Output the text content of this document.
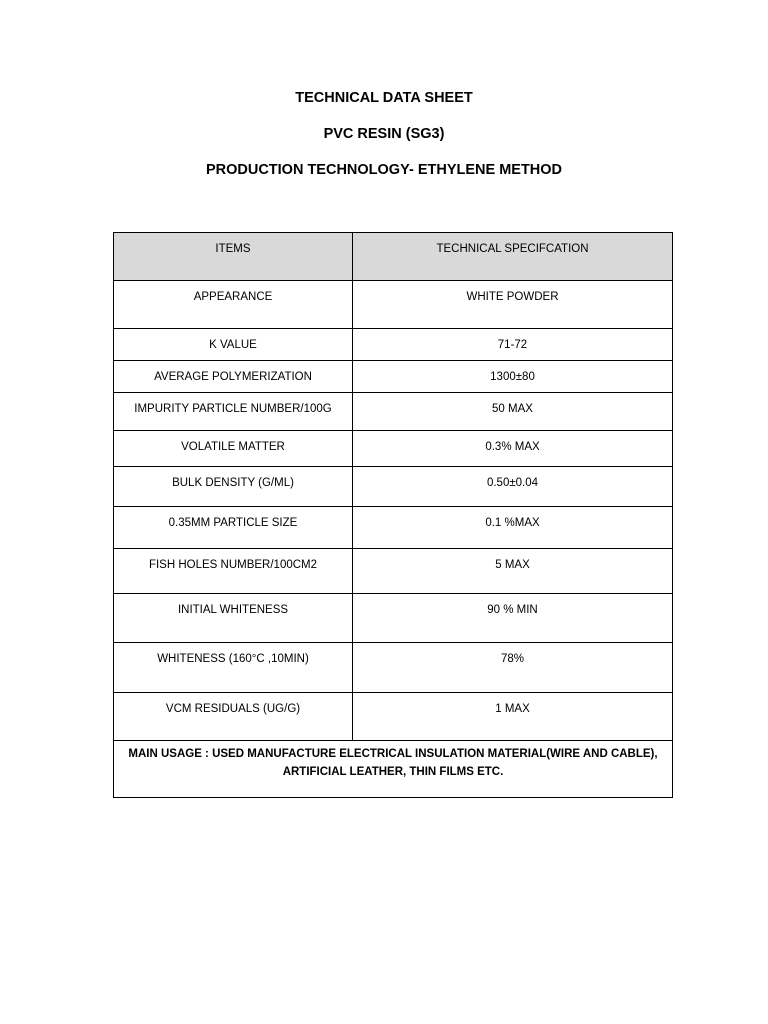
TECHNICAL DATA SHEET
PVC RESIN (SG3)
PRODUCTION TECHNOLOGY- ETHYLENE METHOD
ITEMS	TECHNICAL SPECIFCATION
APPEARANCE	WHITE POWDER
K VALUE	71-72
AVERAGE POLYMERIZATION	1300±80
IMPURITY PARTICLE NUMBER/100G	50 MAX
VOLATILE MATTER	0.3% MAX
BULK DENSITY (G/ML)	0.50±0.04
0.35MM PARTICLE SIZE	0.1 %MAX
FISH HOLES NUMBER/100CM2	5 MAX
INITIAL WHITENESS	90 % MIN
WHITENESS (160°C ,10MIN)	78%
VCM RESIDUALS (UG/G)	1 MAX
MAIN USAGE : USED MANUFACTURE ELECTRICAL INSULATION MATERIAL(WIRE AND CABLE), ARTIFICIAL LEATHER, THIN FILMS ETC.	
